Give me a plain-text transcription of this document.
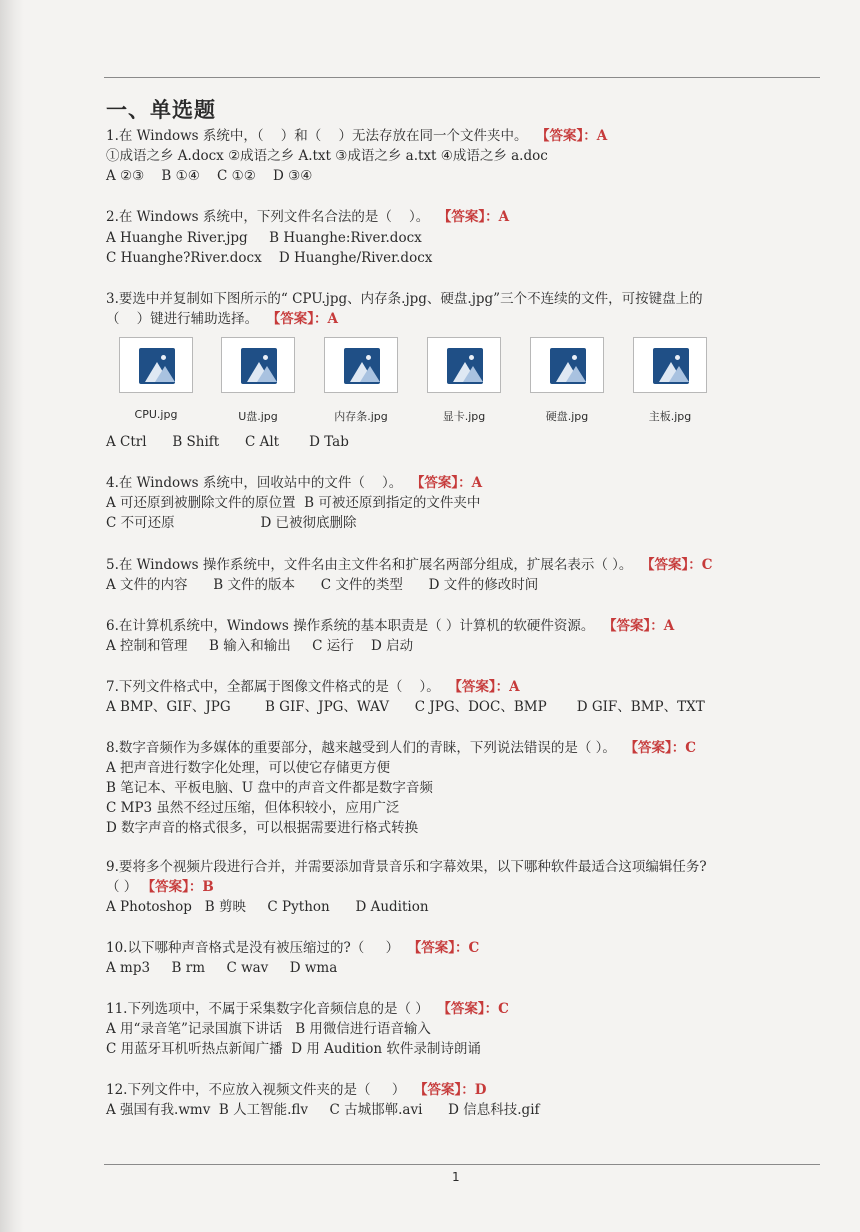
一、单选题
1.在 Windows 系统中，（    ）和（    ）无法存放在同一个文件夹中。 【答案】：A
①成语之乡 A.docx ②成语之乡 A.txt ③成语之乡 a.txt ④成语之乡 a.doc
A ②③    B ①④    C ①②    D ③④
2.在 Windows 系统中，下列文件名合法的是（    ）。 【答案】：A
A Huanghe River.jpg     B Huanghe:River.docx
C Huanghe?River.docx    D Huanghe/River.docx
3.要选中并复制如下图所示的“ CPU.jpg、内存条.jpg、硬盘.jpg”三个不连续的文件，可按键盘上的
（    ）键进行辅助选择。 【答案】：A
CPU.jpg	U盘.jpg	内存条.jpg	显卡.jpg	硬盘.jpg	主板.jpg
A Ctrl      B Shift      C Alt       D Tab
4.在 Windows 系统中，回收站中的文件（    ）。 【答案】：A
A 可还原到被删除文件的原位置  B 可被还原到指定的文件夹中
C 不可还原                    D 已被彻底删除
5.在 Windows 操作系统中，文件名由主文件名和扩展名两部分组成，扩展名表示（ ）。 【答案】：C
A 文件的内容      B 文件的版本      C 文件的类型      D 文件的修改时间
6.在计算机系统中，Windows 操作系统的基本职责是（ ）计算机的软硬件资源。 【答案】：A
A 控制和管理     B 输入和输出     C 运行    D 启动
7.下列文件格式中，全都属于图像文件格式的是（    ）。 【答案】：A
A BMP、GIF、JPG        B GIF、JPG、WAV      C JPG、DOC、BMP       D GIF、BMP、TXT
8.数字音频作为多媒体的重要部分，越来越受到人们的青睐，下列说法错误的是（ ）。 【答案】：C
A 把声音进行数字化处理，可以使它存储更方便
B 笔记本、平板电脑、U 盘中的声音文件都是数字音频
C MP3 虽然不经过压缩，但体积较小，应用广泛
D 数字声音的格式很多，可以根据需要进行格式转换
9.要将多个视频片段进行合并，并需要添加背景音乐和字幕效果，以下哪种软件最适合这项编辑任务?
（ ） 【答案】：B
A Photoshop   B 剪映     C Python      D Audition
10.以下哪种声音格式是没有被压缩过的?（     ） 【答案】：C
A mp3     B rm     C wav     D wma
11.下列选项中，不属于采集数字化音频信息的是（ ） 【答案】：C
A 用“录音笔”记录国旗下讲话   B 用微信进行语音输入
C 用蓝牙耳机听热点新闻广播  D 用 Audition 软件录制诗朗诵
12.下列文件中，不应放入视频文件夹的是（     ） 【答案】：D
A 强国有我.wmv  B 人工智能.flv     C 古城邯郸.avi      D 信息科技.gif
1
